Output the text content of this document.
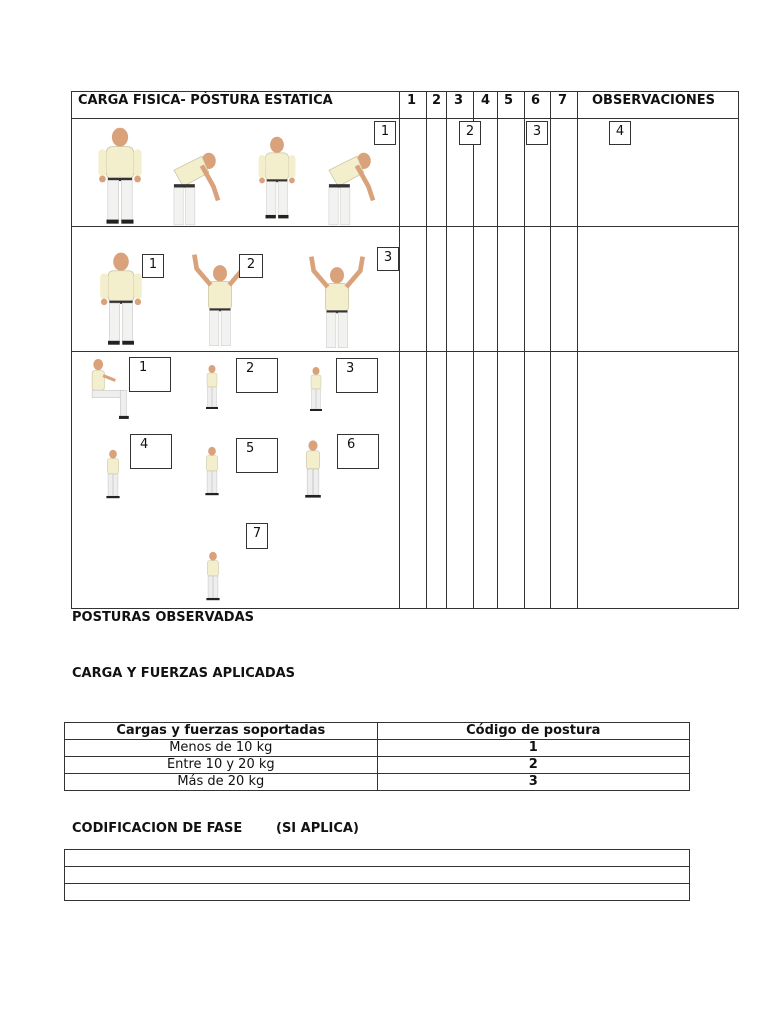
CARGA FISICA- PÓSTURA ESTATICA	1 2 3 4 5 6 7 OBSERVACIONES
1	2	3	4
1	2	3
1	2	3
4	5	6
7
POSTURAS OBSERVADAS
CARGA Y FUERZAS APLICADAS
Cargas y fuerzas soportadas	Código de postura
Menos de 10 kg	1
Entre 10 y 20 kg	2
Más de 20 kg	3
CODIFICACION DE FASE	(SI APLICA)
